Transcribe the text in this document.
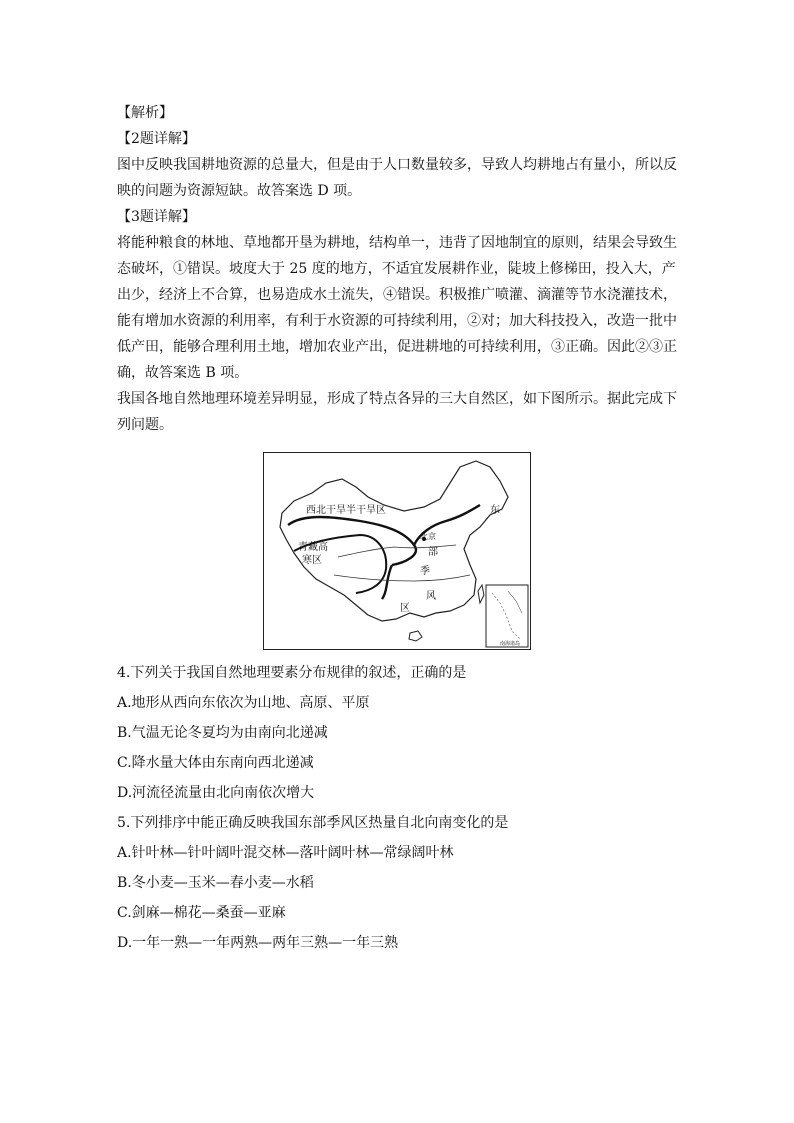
【解析】

【2题详解】

图中反映我国耕地资源的总量大，但是由于人口数量较多，导致人均耕地占有量小，所以反映的问题为资源短缺。故答案选 D 项。

【3题详解】

将能种粮食的林地、草地都开垦为耕地，结构单一，违背了因地制宜的原则，结果会导致生态破坏，①错误。坡度大于 25 度的地方，不适宜发展耕作业，陡坡上修梯田，投入大，产出少，经济上不合算，也易造成水土流失，④错误。积极推广喷灌、滴灌等节水浇灌技术，能有增加水资源的利用率，有利于水资源的可持续利用，②对；加大科技投入，改造一批中低产田，能够合理利用土地，增加农业产出，促进耕地的可持续利用，③正确。因此②③正确，故答案选 B 项。

我国各地自然地理环境差异明显，形成了特点各异的三大自然区，如下图所示。据此完成下列问题。

西北干旱半干旱区
青藏高
寒区
北京
东
部
季
风
区
南海诸岛

4.下列关于我国自然地理要素分布规律的叙述，正确的是

A.地形从西向东依次为山地、高原、平原

B.气温无论冬夏均为由南向北递减

C.降水量大体由东南向西北递减

D.河流径流量由北向南依次增大

5.下列排序中能正确反映我国东部季风区热量自北向南变化的是

A.针叶林—针叶阔叶混交林—落叶阔叶林—常绿阔叶林

B.冬小麦—玉米—春小麦—水稻

C.剑麻—棉花—桑蚕—亚麻

D.一年一熟—一年两熟—两年三熟—一年三熟
